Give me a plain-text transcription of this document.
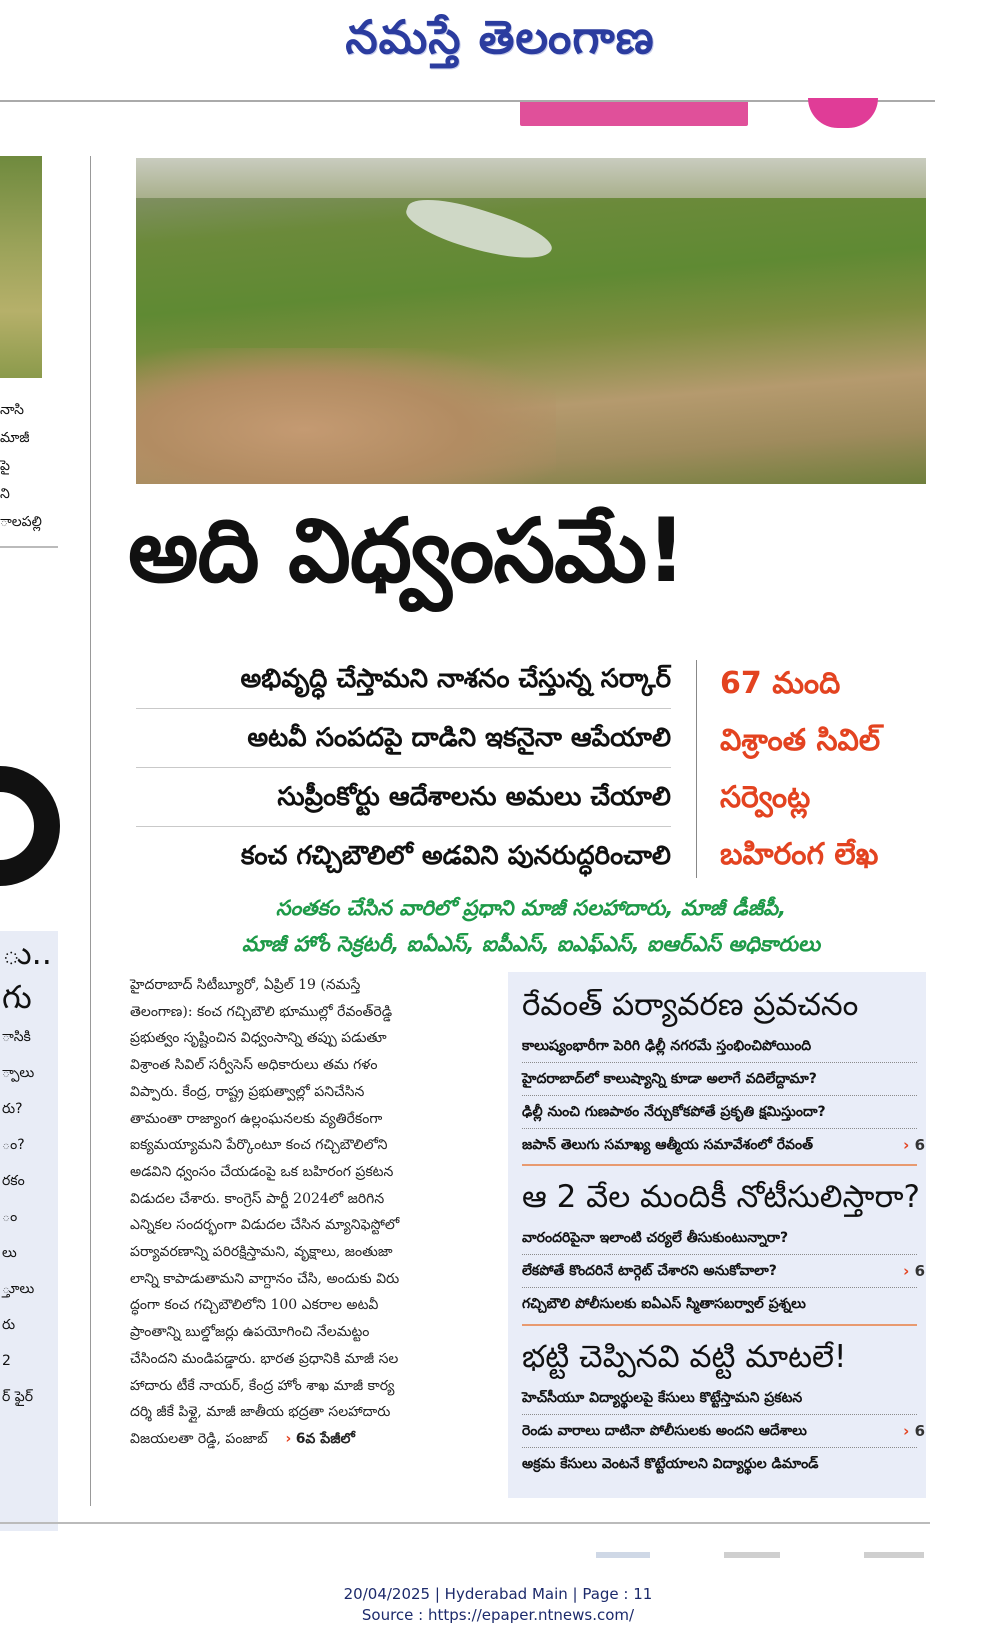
నమస్తే తెలంగాణ
నాసి
మాజీ
పై
ని
ాలపల్లి
ు..
గు
ాసికి
్పాలు
రు?
ం?
రకం
ం
లు
్తూలు
రు
2
ర్ ఫైర్
అది విధ్వంసమే!
అభివృద్ధి చేస్తామని నాశనం చేస్తున్న సర్కార్
అటవీ సంపదపై దాడిని ఇకనైనా ఆపేయాలి
సుప్రీంకోర్టు ఆదేశాలను అమలు చేయాలి
కంచ గచ్చిబౌలిలో అడవిని పునరుద్ధరించాలి
67 మంది
విశ్రాంత సివిల్
సర్వెంట్ల
బహిరంగ లేఖ
సంతకం చేసిన వారిలో ప్రధాని మాజీ సలహాదారు, మాజీ డీజీపీ,
మాజీ హోం సెక్రటరీ, ఐఏఎస్, ఐపీఎస్, ఐఎఫ్ఎస్, ఐఆర్ఎస్ అధికారులు
హైదరాబాద్ సిటీబ్యూరో, ఏప్రిల్ 19 (నమస్తే
తెలంగాణ): కంచ గచ్చిబౌలి భూముల్లో రేవంత్‌రెడ్డి
ప్రభుత్వం సృష్టించిన విధ్వంసాన్ని తప్పు పడుతూ
విశ్రాంత సివిల్ సర్వీసెస్ అధికారులు తమ గళం
విప్పారు. కేంద్ర, రాష్ట్ర ప్రభుత్వాల్లో పనిచేసిన
తామంతా రాజ్యాంగ ఉల్లంఘనలకు వ్యతిరేకంగా
ఐక్యమయ్యామని పేర్కొంటూ కంచ గచ్చిబౌలిలోని
అడవిని ధ్వంసం చేయడంపై ఒక బహిరంగ ప్రకటన
విడుదల చేశారు. కాంగ్రెస్ పార్టీ 2024లో జరిగిన
ఎన్నికల సందర్భంగా విడుదల చేసిన మ్యానిఫెస్టోలో
పర్యావరణాన్ని పరిరక్షిస్తామని, వృక్షాలు, జంతుజా
లాన్ని కాపాడుతామని వాగ్దానం చేసి, అందుకు విరు
ద్ధంగా కంచ గచ్చిబౌలిలోని 100 ఎకరాల అటవీ
ప్రాంతాన్ని బుల్డోజర్లు ఉపయోగించి నేలమట్టం
చేసిందని మండిపడ్డారు. భారత ప్రధానికి మాజీ సల
హాదారు టీకే నాయర్, కేంద్ర హోం శాఖ మాజీ కార్య
దర్శి జీకే పిళ్లై, మాజీ జాతీయ భద్రతా సలహాదారు
విజయలతా రెడ్డి, పంజాబ్ › 6వ పేజీలో
రేవంత్ పర్యావరణ ప్రవచనం
కాలుష్యంభారీగా పెరిగి ఢిల్లీ నగరమే స్తంభించిపోయింది
హైదరాబాద్‌లో కాలుష్యాన్ని కూడా అలాగే వదిలేద్దామా?
ఢిల్లీ నుంచి గుణపాఠం నేర్చుకోకపోతే ప్రకృతి క్షమిస్తుందా?
జపాన్ తెలుగు సమాఖ్య ఆత్మీయ సమావేశంలో రేవంత్	› 6
ఆ 2 వేల మందికీ నోటీసులిస్తారా?
వారందరిపైనా ఇలాంటి చర్యలే తీసుకుంటున్నారా?
లేకపోతే కొందరినే టార్గెట్ చేశారని అనుకోవాలా?	› 6
గచ్చిబౌలి పోలీసులకు ఐఏఎస్ స్మితాసబర్వాల్ ప్రశ్నలు
భట్టి చెప్పినవి వట్టి మాటలే!
హెచ్‌సీయూ విద్యార్థులపై కేసులు కొట్టేస్తామని ప్రకటన
రెండు వారాలు దాటినా పోలీసులకు అందని ఆదేశాలు	› 6
అక్రమ కేసులు వెంటనే కొట్టేయాలని విద్యార్థుల డిమాండ్
20/04/2025 | Hyderabad Main | Page : 11
Source : https://epaper.ntnews.com/
